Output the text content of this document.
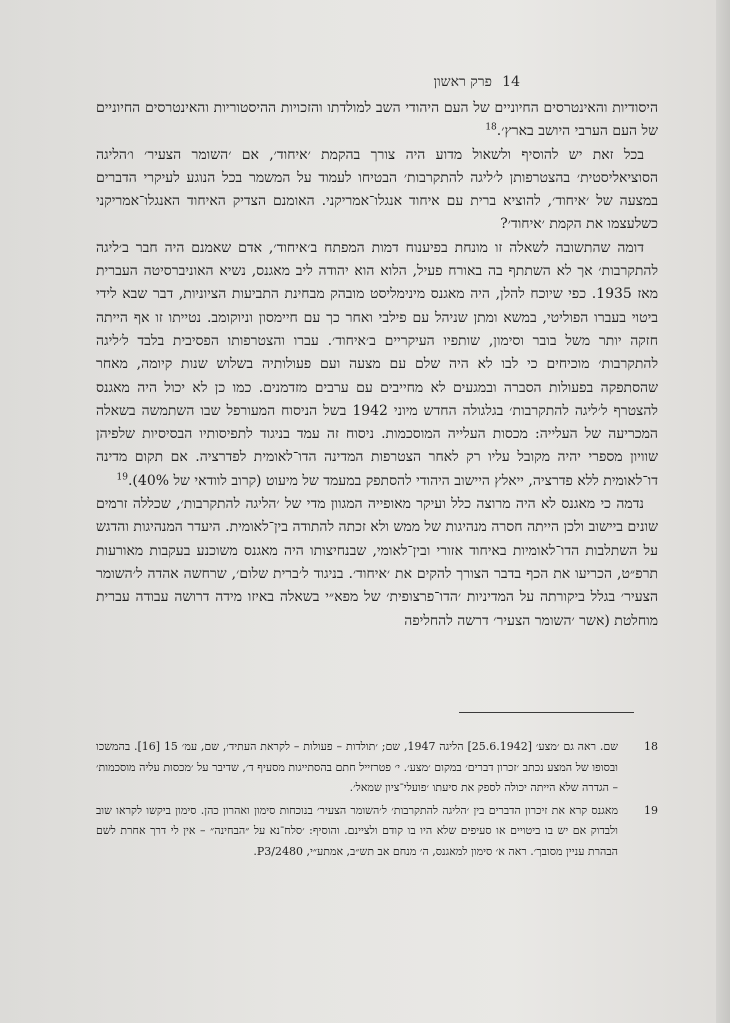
14
פרק ראשון

היסודיות והאינטרסים החיוניים של העם היהודי השב למולדתו והזכויות ההיסטוריות והאינטרסים החיוניים של העם הערבי היושב בארץ׳.$^{18}$

בכל זאת יש להוסיף ולשאול מדוע היה צורך בהקמת ׳איחוד׳, אם ׳השומר הצעיר׳ ו׳הליגה הסוציאליסטית׳ בהצטרפותן ל׳ליגה להתקרבות׳ הבטיחו לעמוד על המשמר בכל הנוגע לעיקרי הדברים במצעה של ׳איחוד׳, להוציא ברית עם איחוד אנגלו־אמריקני. האומנם הצדיק האיחוד האנגלו־אמריקני כשלעצמו את הקמת ׳איחוד׳?

דומה שהתשובה לשאלה זו מונחת בפיענוח דמות המפתח ב׳איחוד׳, אדם שאמנם היה חבר ב׳ליגה להתקרבות׳ אך לא השתתף בה באורח פעיל, הלוא הוא יהודה ליב מאגנס, נשיא האוניברסיטה העברית מאז 1935. כפי שיוכח להלן, היה מאגנס מינימליסט מובהק מבחינת התביעות הציוניות, דבר שבא לידי ביטוי בעברו הפוליטי, במשא ומתן שניהל עם פילבי ואחר כך עם חיימסון וניוקומב. נטייתו זו אף הייתה חזקה יותר משל בובר וסימון, שותפיו העיקריים ב׳איחוד׳. עברו והצטרפותו הפסיבית בלבד ל׳ליגה להתקרבות׳ מוכיחים כי לבו לא היה שלם עם מצעה ועם פעולותיה בשלוש שנות קיומה, מאחר שהסתפקה בפעולות הסברה ובמגעים לא מחייבים עם ערבים מזדמנים. כמו כן לא יכול היה מאגנס להצטרף ל׳ליגה להתקרבות׳ בגלגולה החדש מיוני 1942 בשל הניסוח המעורפל שבו השתמשה בשאלה המכריעה של העלייה: מכסות העלייה המוסכמות. ניסוח זה עמד בניגוד לתפיסותיו הבסיסיות שלפיהן שוויון מספרי יהיה מקובל עליו רק לאחר הצטרפות המדינה הדו־לאומית לפדרציה. אם תקום מדינה דו־לאומית ללא פדרציה, ייאלץ היישוב היהודי להסתפק במעמד של מיעוט (קרוב לוודאי של 40%).$^{19}$

נדמה כי מאגנס לא היה מרוצה כלל ועיקר מאופייה המגוון מדי של ׳הליגה להתקרבות׳, שכללה זרמים שונים ביישוב ולכן הייתה חסרה מנהיגות של ממש ולא זכתה להתודה בין־לאומית. היעדר המנהיגות והדגש על השתלבות הדו־לאומיות באיחוד אזורי ובין־לאומי, שבנחיצותו היה מאגנס משוכנע בעקבות מאורעות תרפ״ט, הכריעו את הכף בדבר הצורך להקים את ׳איחוד׳. בניגוד ל׳ברית שלום׳, שרחשה אהדה ל׳השומר הצעיר׳ בגלל ביקורתה על המדיניות ׳הדו־פרצופית׳ של מפא״י בשאלה באיזו מידה דרושה עבודה עברית מוחלטת (אשר ׳השומר הצעיר׳ דרשה להחליפה

18
שם. ראה גם ׳מצע׳ [25.6.1942] הליגה 1947, שם; ׳תולדות – פעולות – לקראת העתיד׳, שם, עמ׳ 15 [16]. בהמשכו ובסופו של המצע נכתב ׳זכרון דברים׳ במקום ׳מצע׳. י׳ פטרזייל חתם בהסתייגות מסעיף ד׳, שדיבר על ׳מכסות עליה מוסכמות׳ – הגדרה שלא הייתה יכולה לספק את סיעתו ׳פועלי־ציון שמאל׳.
19
מאגנס קרא את זיכרון הדברים בין ׳הליגה להתקרבות׳ ל׳השומר הצעיר׳ בנוכחות סימון ואהרון כהן. סימון ביקשו לקראו שוב ולבדוק אם יש בו ביטויים או סעיפים שלא היו בו קודם ולציינם. והוסיף: ׳סלח־נא על ״הבחינה״ – אין לי דרך אחרת לשם הבהרת עניין מסובך׳. ראה א׳ סימון למאגנס, ה׳ מנחם אב תש״ב, אמתע״י, P3/2480.
